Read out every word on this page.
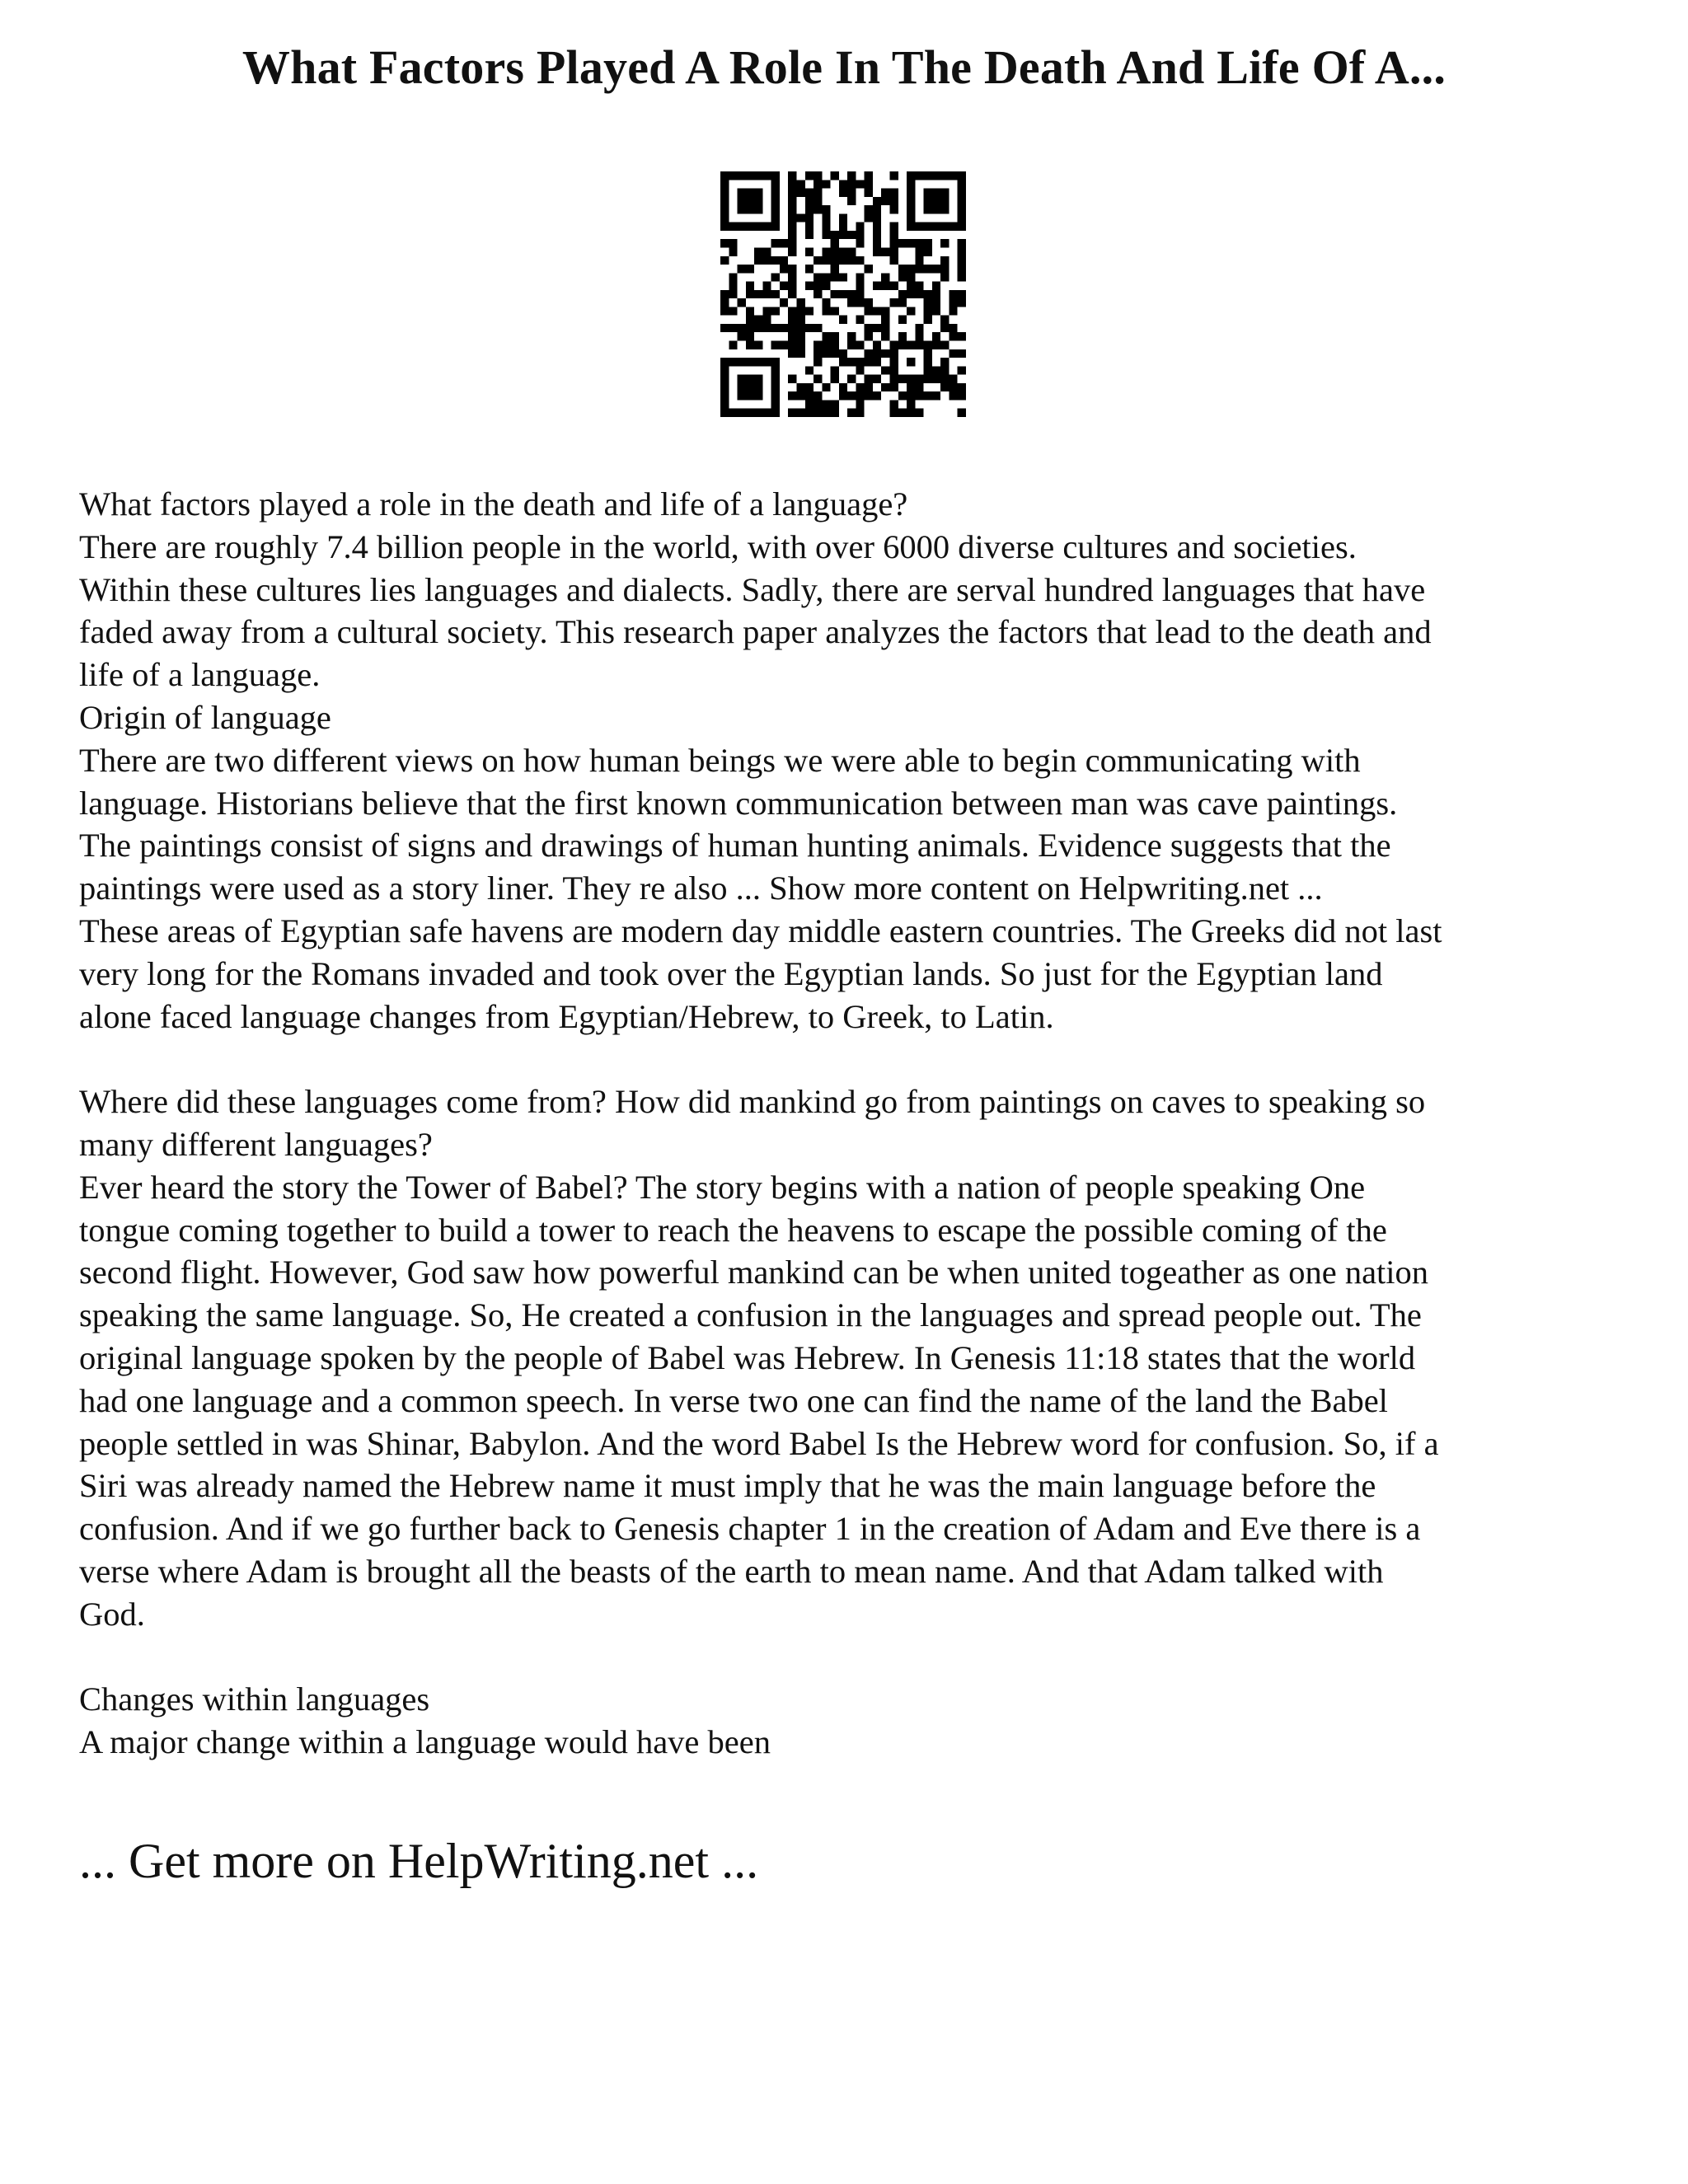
What Factors Played A Role In The Death And Life Of A...
What factors played a role in the death and life of a language?
There are roughly 7.4 billion people in the world, with over 6000 diverse cultures and societies.
Within these cultures lies languages and dialects. Sadly, there are serval hundred languages that have
faded away from a cultural society. This research paper analyzes the factors that lead to the death and
life of a language.
Origin of language
There are two different views on how human beings we were able to begin communicating with
language. Historians believe that the first known communication between man was cave paintings.
The paintings consist of signs and drawings of human hunting animals. Evidence suggests that the
paintings were used as a story liner. They re also ... Show more content on Helpwriting.net ...
These areas of Egyptian safe havens are modern day middle eastern countries. The Greeks did not last
very long for the Romans invaded and took over the Egyptian lands. So just for the Egyptian land
alone faced language changes from Egyptian/Hebrew, to Greek, to Latin.
Where did these languages come from? How did mankind go from paintings on caves to speaking so
many different languages?
Ever heard the story the Tower of Babel? The story begins with a nation of people speaking One
tongue coming together to build a tower to reach the heavens to escape the possible coming of the
second flight. However, God saw how powerful mankind can be when united togeather as one nation
speaking the same language. So, He created a confusion in the languages and spread people out. The
original language spoken by the people of Babel was Hebrew. In Genesis 11:18 states that the world
had one language and a common speech. In verse two one can find the name of the land the Babel
people settled in was Shinar, Babylon. And the word Babel Is the Hebrew word for confusion. So, if a
Siri was already named the Hebrew name it must imply that he was the main language before the
confusion. And if we go further back to Genesis chapter 1 in the creation of Adam and Eve there is a
verse where Adam is brought all the beasts of the earth to mean name. And that Adam talked with
God.
Changes within languages
A major change within a language would have been
... Get more on HelpWriting.net ...
